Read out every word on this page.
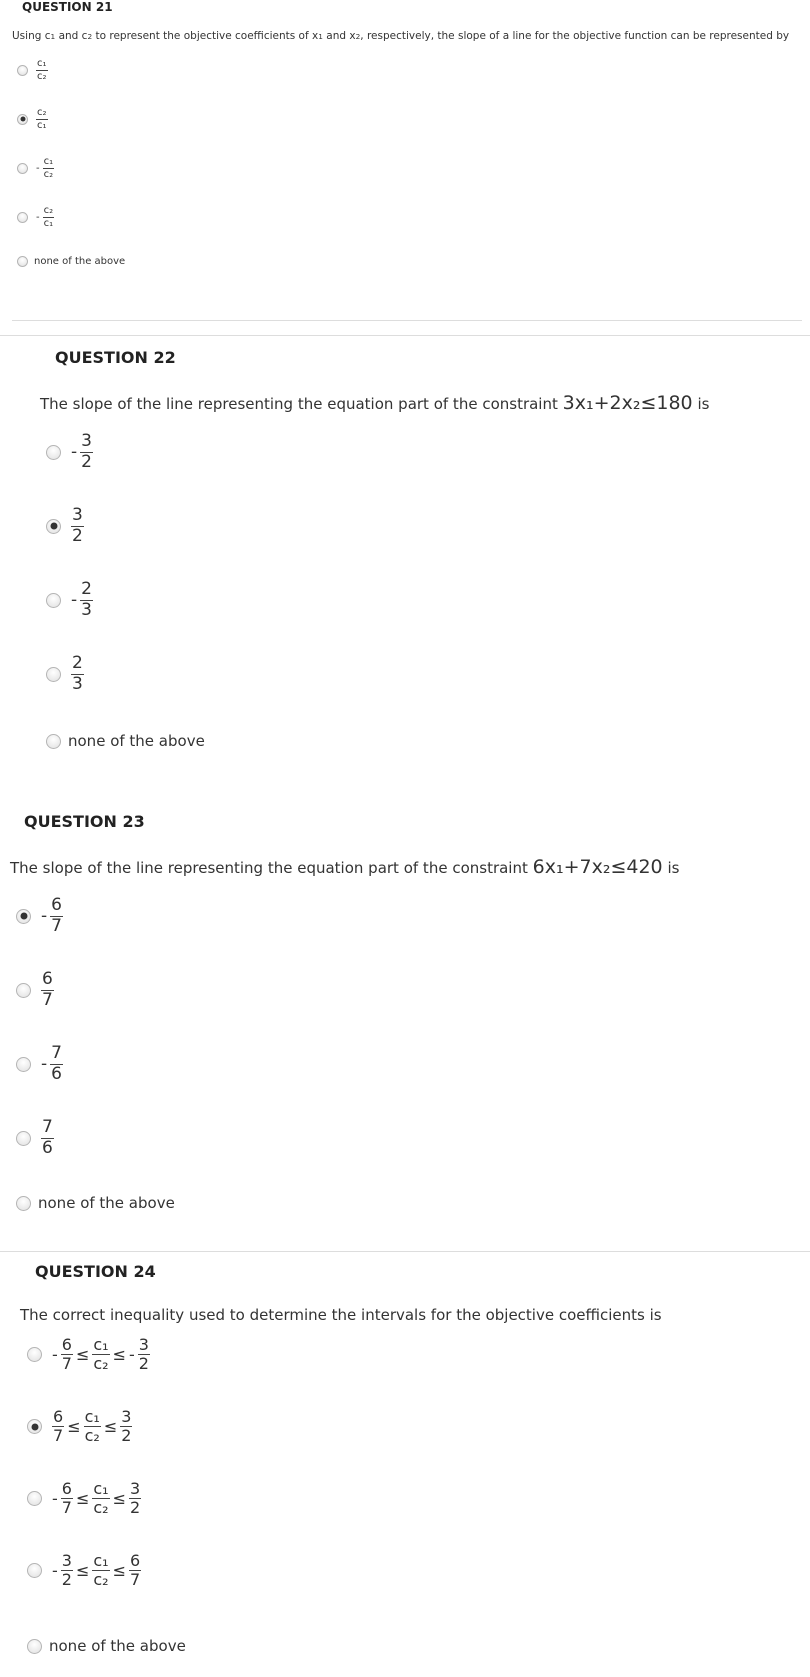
QUESTION 21
Using $c_1$ and $c_2$ to represent the objective coefficients of $x_1$ and $x_2$, respectively, the slope of a line for the objective function can be represented by
$\frac{\text{c₁}}{\text{c₂}}$
$\frac{\text{c₂}}{\text{c₁}}$
- $\frac{\text{c₁}}{\text{c₂}}$
- $\frac{\text{c₂}}{\text{c₁}}$
none of the above
QUESTION 22
The slope of the line representing the equation part of the constraint 3x₁+2x₂≤180 is
- $\frac{3}{2}$
$\frac{3}{2}$
- $\frac{2}{3}$
$\frac{2}{3}$
none of the above
QUESTION 23
The slope of the line representing the equation part of the constraint 6x₁+7x₂≤420 is
- $\frac{6}{7}$
$\frac{6}{7}$
- $\frac{7}{6}$
$\frac{7}{6}$
none of the above
QUESTION 24
The correct inequality used to determine the intervals for the objective coefficients is
- $\frac{6}{7} \le \frac{\text{c₁}}{\text{c₂}}$ ≤ - $\frac{3}{2}$
$\frac{6}{7} \le \frac{\text{c₁}}{\text{c₂}} \le \frac{3}{2}$
- $\frac{6}{7} \le \frac{\text{c₁}}{\text{c₂}} \le \frac{3}{2}$
- $\frac{3}{2} \le \frac{\text{c₁}}{\text{c₂}} \le \frac{6}{7}$
none of the above
